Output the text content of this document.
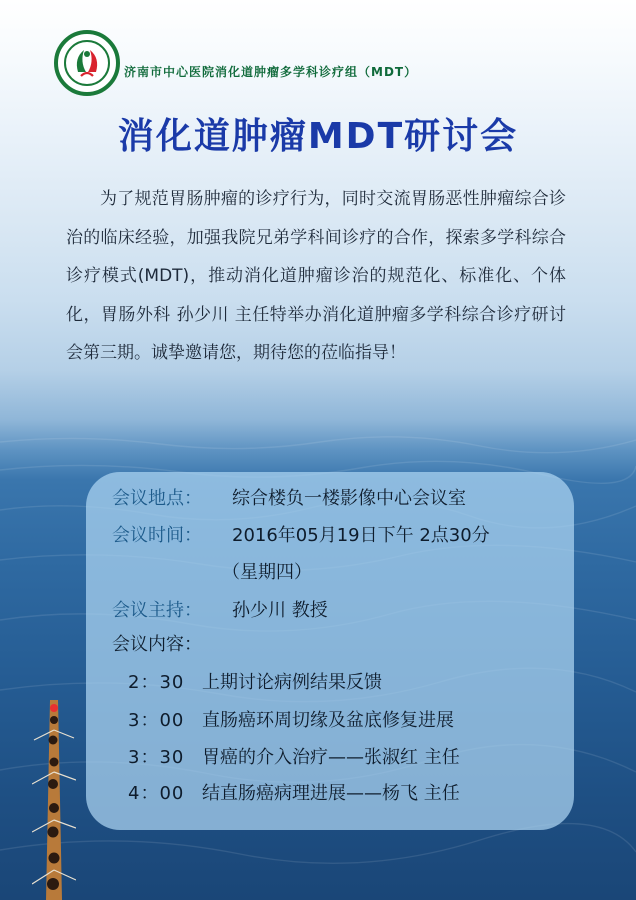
济南市中心医院消化道肿瘤多学科诊疗组（MDT）
消化道肿瘤MDT研讨会
为了规范胃肠肿瘤的诊疗行为，同时交流胃肠恶性肿瘤综合诊治的临床经验，加强我院兄弟学科间诊疗的合作，探索多学科综合诊疗模式(MDT)，推动消化道肿瘤诊治的规范化、标准化、个体化，胃肠外科 孙少川 主任特举办消化道肿瘤多学科综合诊疗研讨会第三期。诚挚邀请您，期待您的莅临指导！
会议地点： 综合楼负一楼影像中心会议室
会议时间： 2016年05月19日下午 2点30分
（星期四）
会议主持： 孙少川 教授
会议内容：
2：30 上期讨论病例结果反馈
3：00 直肠癌环周切缘及盆底修复进展
3：30 胃癌的介入治疗——张淑红 主任
4：00 结直肠癌病理进展——杨飞 主任
